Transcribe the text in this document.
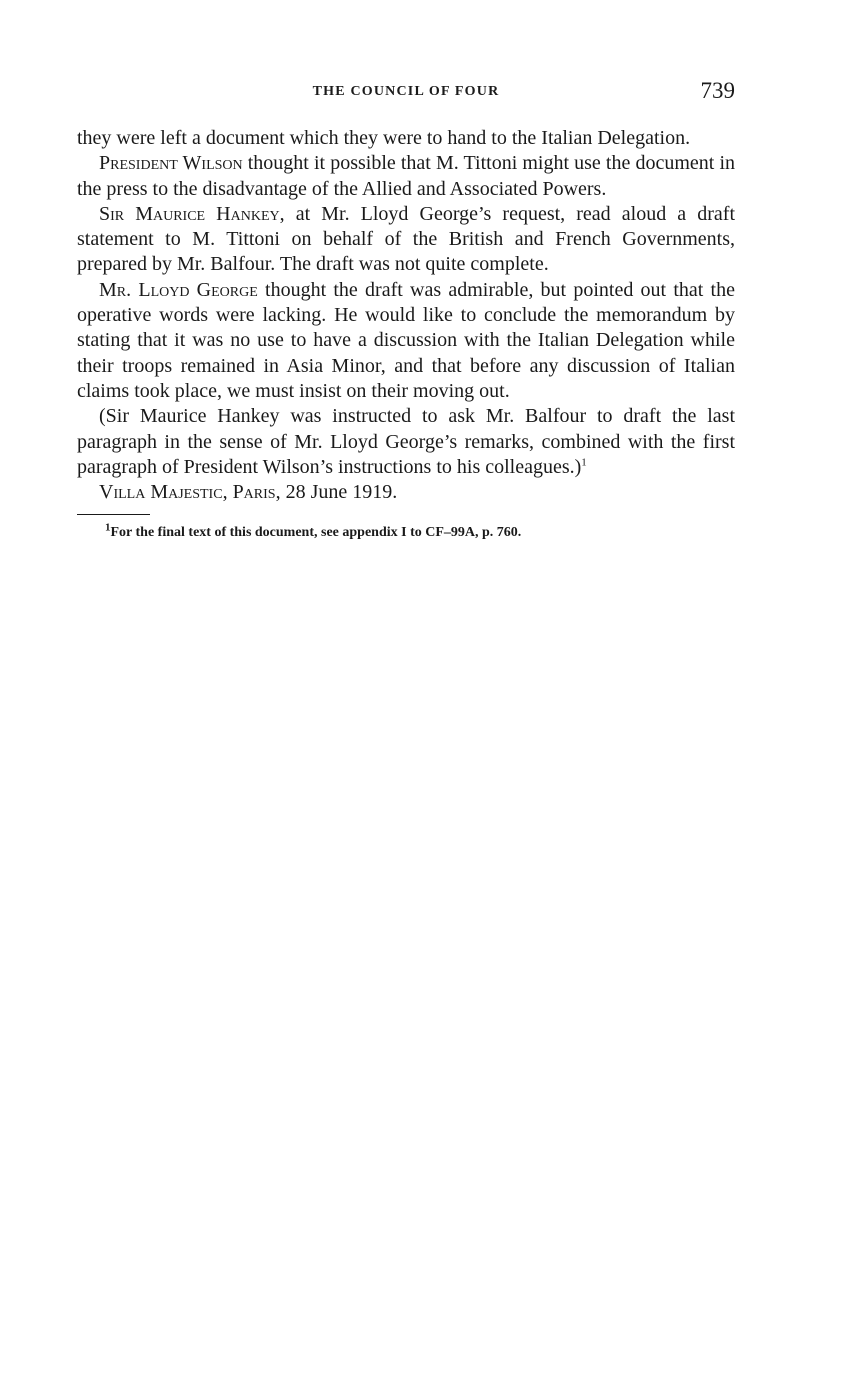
THE COUNCIL OF FOUR	739

they were left a document which they were to hand to the Italian Delegation.

President Wilson thought it possible that M. Tittoni might use the document in the press to the disadvantage of the Allied and Associated Powers.

Sir Maurice Hankey, at Mr. Lloyd George’s request, read aloud a draft statement to M. Tittoni on behalf of the British and French Governments, prepared by Mr. Balfour. The draft was not quite complete.

Mr. Lloyd George thought the draft was admirable, but pointed out that the operative words were lacking. He would like to conclude the memorandum by stating that it was no use to have a discussion with the Italian Delegation while their troops remained in Asia Minor, and that before any discussion of Italian claims took place, we must insist on their moving out.

(Sir Maurice Hankey was instructed to ask Mr. Balfour to draft the last paragraph in the sense of Mr. Lloyd George’s remarks, combined with the first paragraph of President Wilson’s instructions to his colleagues.)$^1$

Villa Majestic, Paris, 28 June 1919.

$^1$For the final text of this document, see appendix I to CF–99A, p. 760.
